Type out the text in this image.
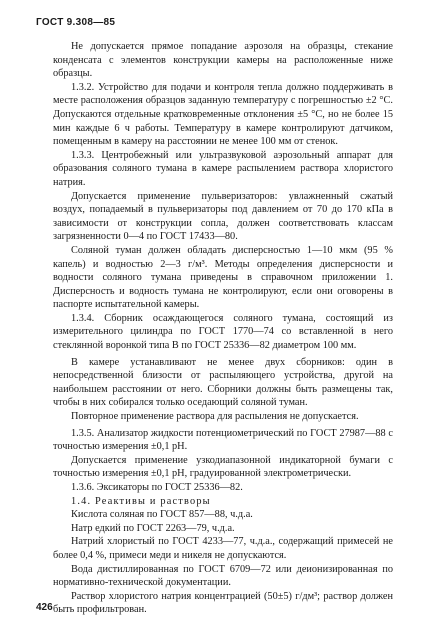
ГОСТ 9.308—85

Не допускается прямое попадание аэрозоля на образцы, стекание конденсата с элементов конструкции камеры на расположенные ниже образцы.

1.3.2. Устройство для подачи и контроля тепла должно поддерживать в месте расположения образцов заданную температуру с погрешностью ±2 °С. Допускаются отдельные кратковременные отклонения ±5 °С, но не более 15 мин каждые 6 ч работы. Температуру в камере контролируют датчиком, помещенным в камеру на расстоянии не менее 100 мм от стенок.

1.3.3. Центробежный или ультразвуковой аэрозольный аппарат для образования соляного тумана в камере распылением раствора хлористого натрия.

Допускается применение пульверизаторов: увлажненный сжатый воздух, попадаемый в пульверизаторы под давлением от 70 до 170 кПа в зависимости от конструкции сопла, должен соответствовать классам загрязненности 0—4 по ГОСТ 17433—80.

Соляной туман должен обладать дисперсностью 1—10 мкм (95 % капель) и водностью 2—3 г/м³. Методы определения дисперсности и водности соляного тумана приведены в справочном приложении 1. Дисперсность и водность тумана не контролируют, если они оговорены в паспорте испытательной камеры.

1.3.4. Сборник осаждающегося соляного тумана, состоящий из измерительного цилиндра по ГОСТ 1770—74 со вставленной в него стеклянной воронкой типа В по ГОСТ 25336—82 диаметром 100 мм.

В камере устанавливают не менее двух сборников: один в непосредственной близости от распыляющего устройства, другой на наибольшем расстоянии от него. Сборники должны быть размещены так, чтобы в них собирался только оседающий соляной туман.

Повторное применение раствора для распыления не допускается.

1.3.5. Анализатор жидкости потенциометрический по ГОСТ 27987—88 с точностью измерения ±0,1 pH.

Допускается применение узкодиапазонной индикаторной бумаги с точностью измерения ±0,1 pH, градуированной электрометрически.

1.3.6. Эксикаторы по ГОСТ 25336—82.

1.4. Реактивы и растворы

Кислота соляная по ГОСТ 857—88, ч.д.а.

Натр едкий по ГОСТ 2263—79, ч.д.а.

Натрий хлористый по ГОСТ 4233—77, ч.д.а., содержащий примесей не более 0,4 %, примеси меди и никеля не допускаются.

Вода дистиллированная по ГОСТ 6709—72 или деионизированная по нормативно-технической документации.

Раствор хлористого натрия концентрацией (50±5) г/дм³; раствор должен быть профильтрован.

426
